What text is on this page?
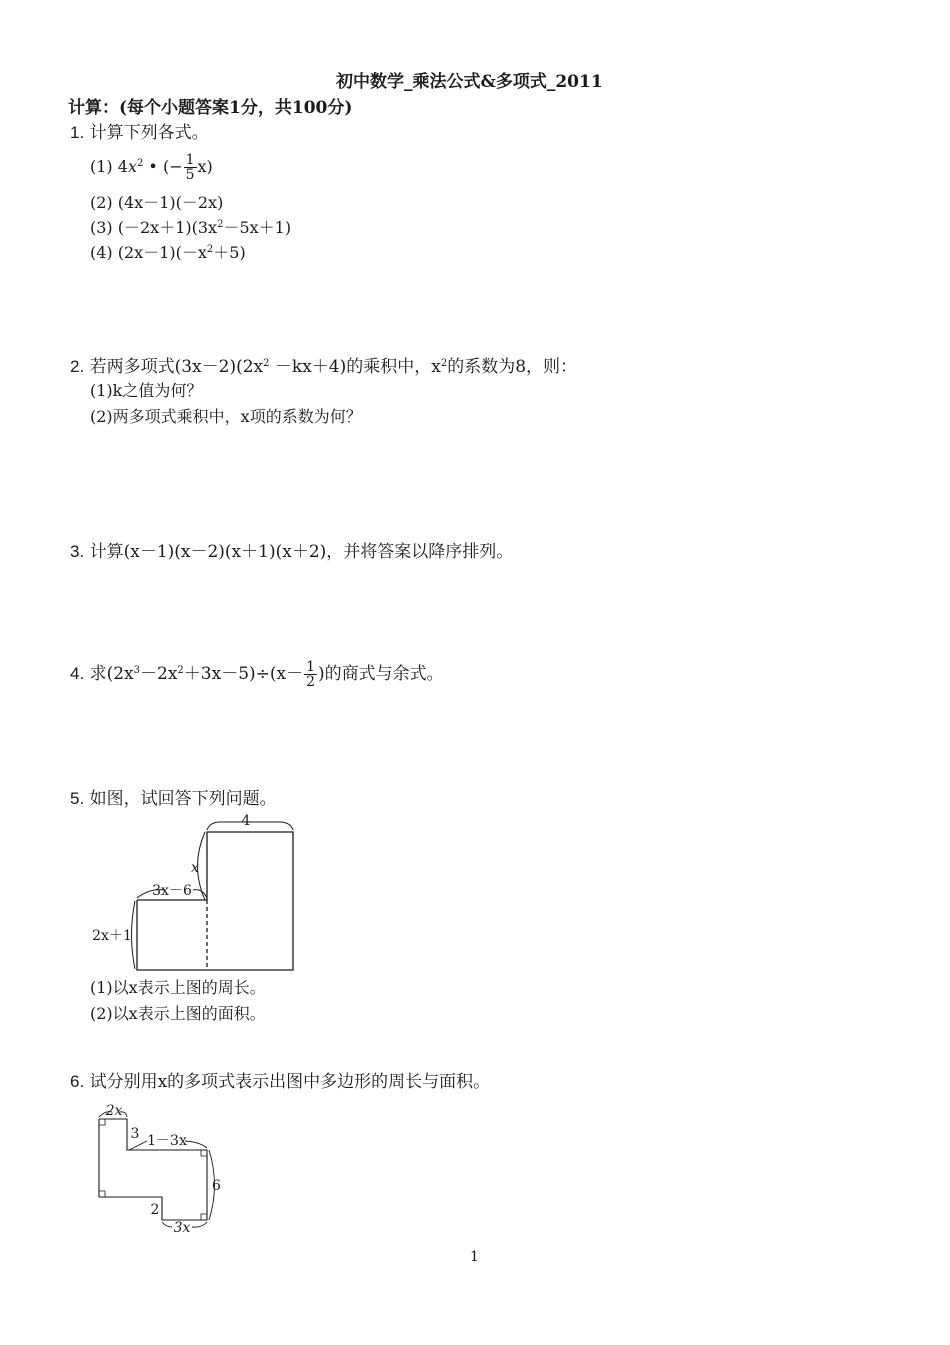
初中数学_乘法公式&多项式_2011
计算：(每个小题答案1分，共100分)
1. 计算下列各式。
(1) $4x^2$ • (− $\frac{1}{5} x$)
(2) (4x－1)(－2x)
(3) $(-2x+1)(3x^2-5x+1)$
(4) $(2x-1)(-x^2+5)$
2. 若两多项式$(3x-2)(2x^2 -kx+4)$的乘积中，$x^2$的系数为8，则：
(1)k之值为何？
(2)两多项式乘积中，x项的系数为何？
3. 计算(x－1)(x－2)(x＋1)(x＋2)，并将答案以降序排列。
4. 求$(2x^3-2x^2+3x-5)\div(x- \frac{1}{2}$ )的商式与余式。
5. 如图，试回答下列问题。
4
x
3x－6
2x＋1
(1)以x表示上图的周长。
(2)以x表示上图的面积。
6. 试分别用x的多项式表示出图中多边形的周长与面积。
2x
3 1－3x
6
2
3x
1
